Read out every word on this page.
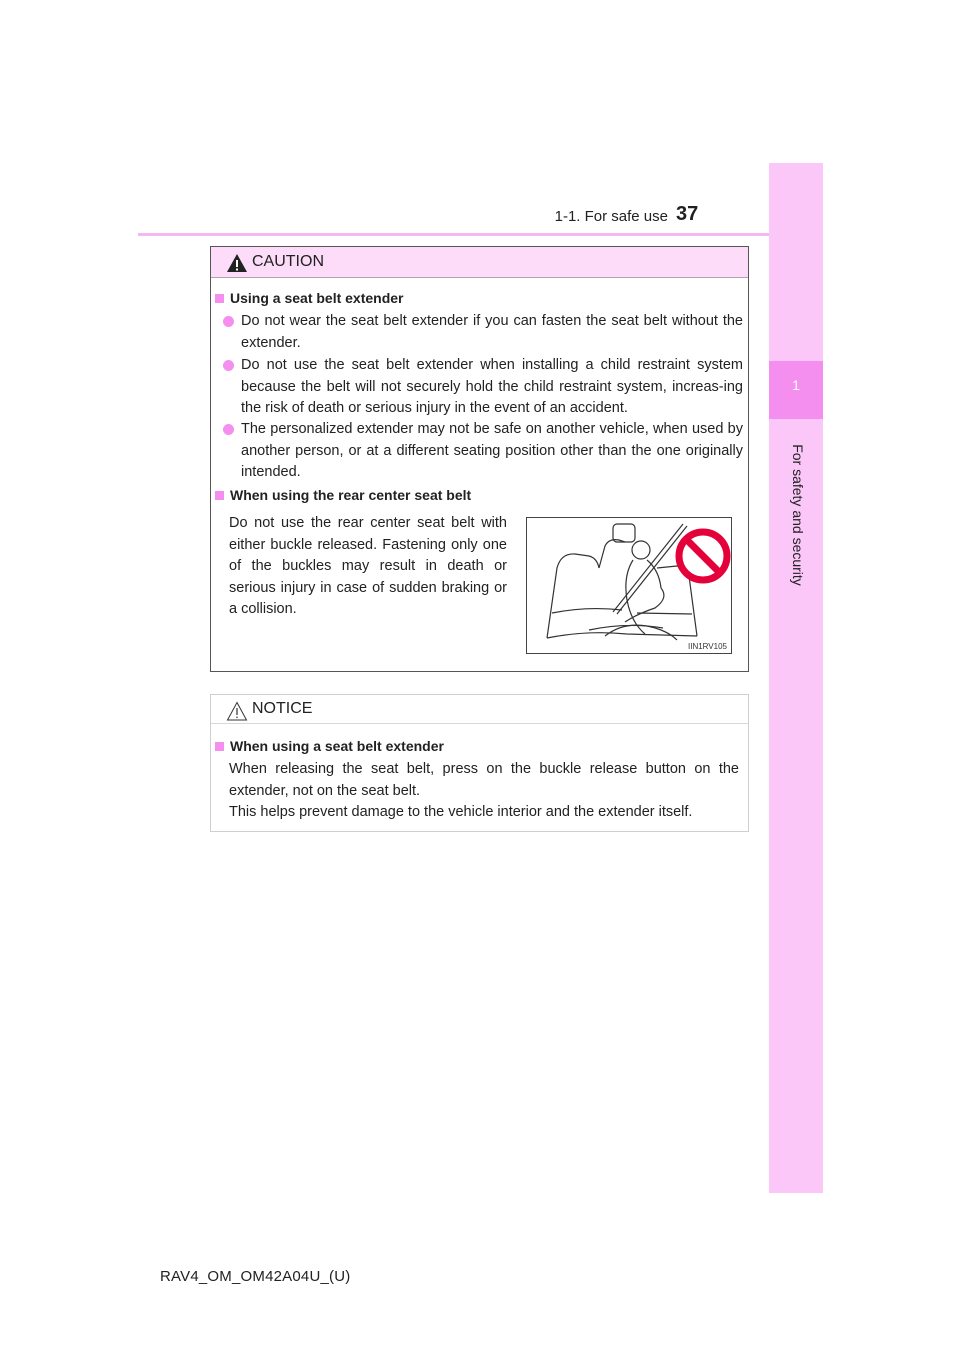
1-1. For safe use 37
1
For safety and security
CAUTION
Using a seat belt extender
Do not wear the seat belt extender if you can fasten the seat belt without the extender.
Do not use the seat belt extender when installing a child restraint system because the belt will not securely hold the child restraint system, increas-ing the risk of death or serious injury in the event of an accident.
The personalized extender may not be safe on another vehicle, when used by another person, or at a different seating position other than the one originally intended.
When using the rear center seat belt
Do not use the rear center seat belt with either buckle released. Fastening only one of the buckles may result in death or serious injury in case of sudden braking or a collision.
IIN1RV105
NOTICE
When using a seat belt extender
When releasing the seat belt, press on the buckle release button on the extender, not on the seat belt.
This helps prevent damage to the vehicle interior and the extender itself.
RAV4_OM_OM42A04U_(U)
